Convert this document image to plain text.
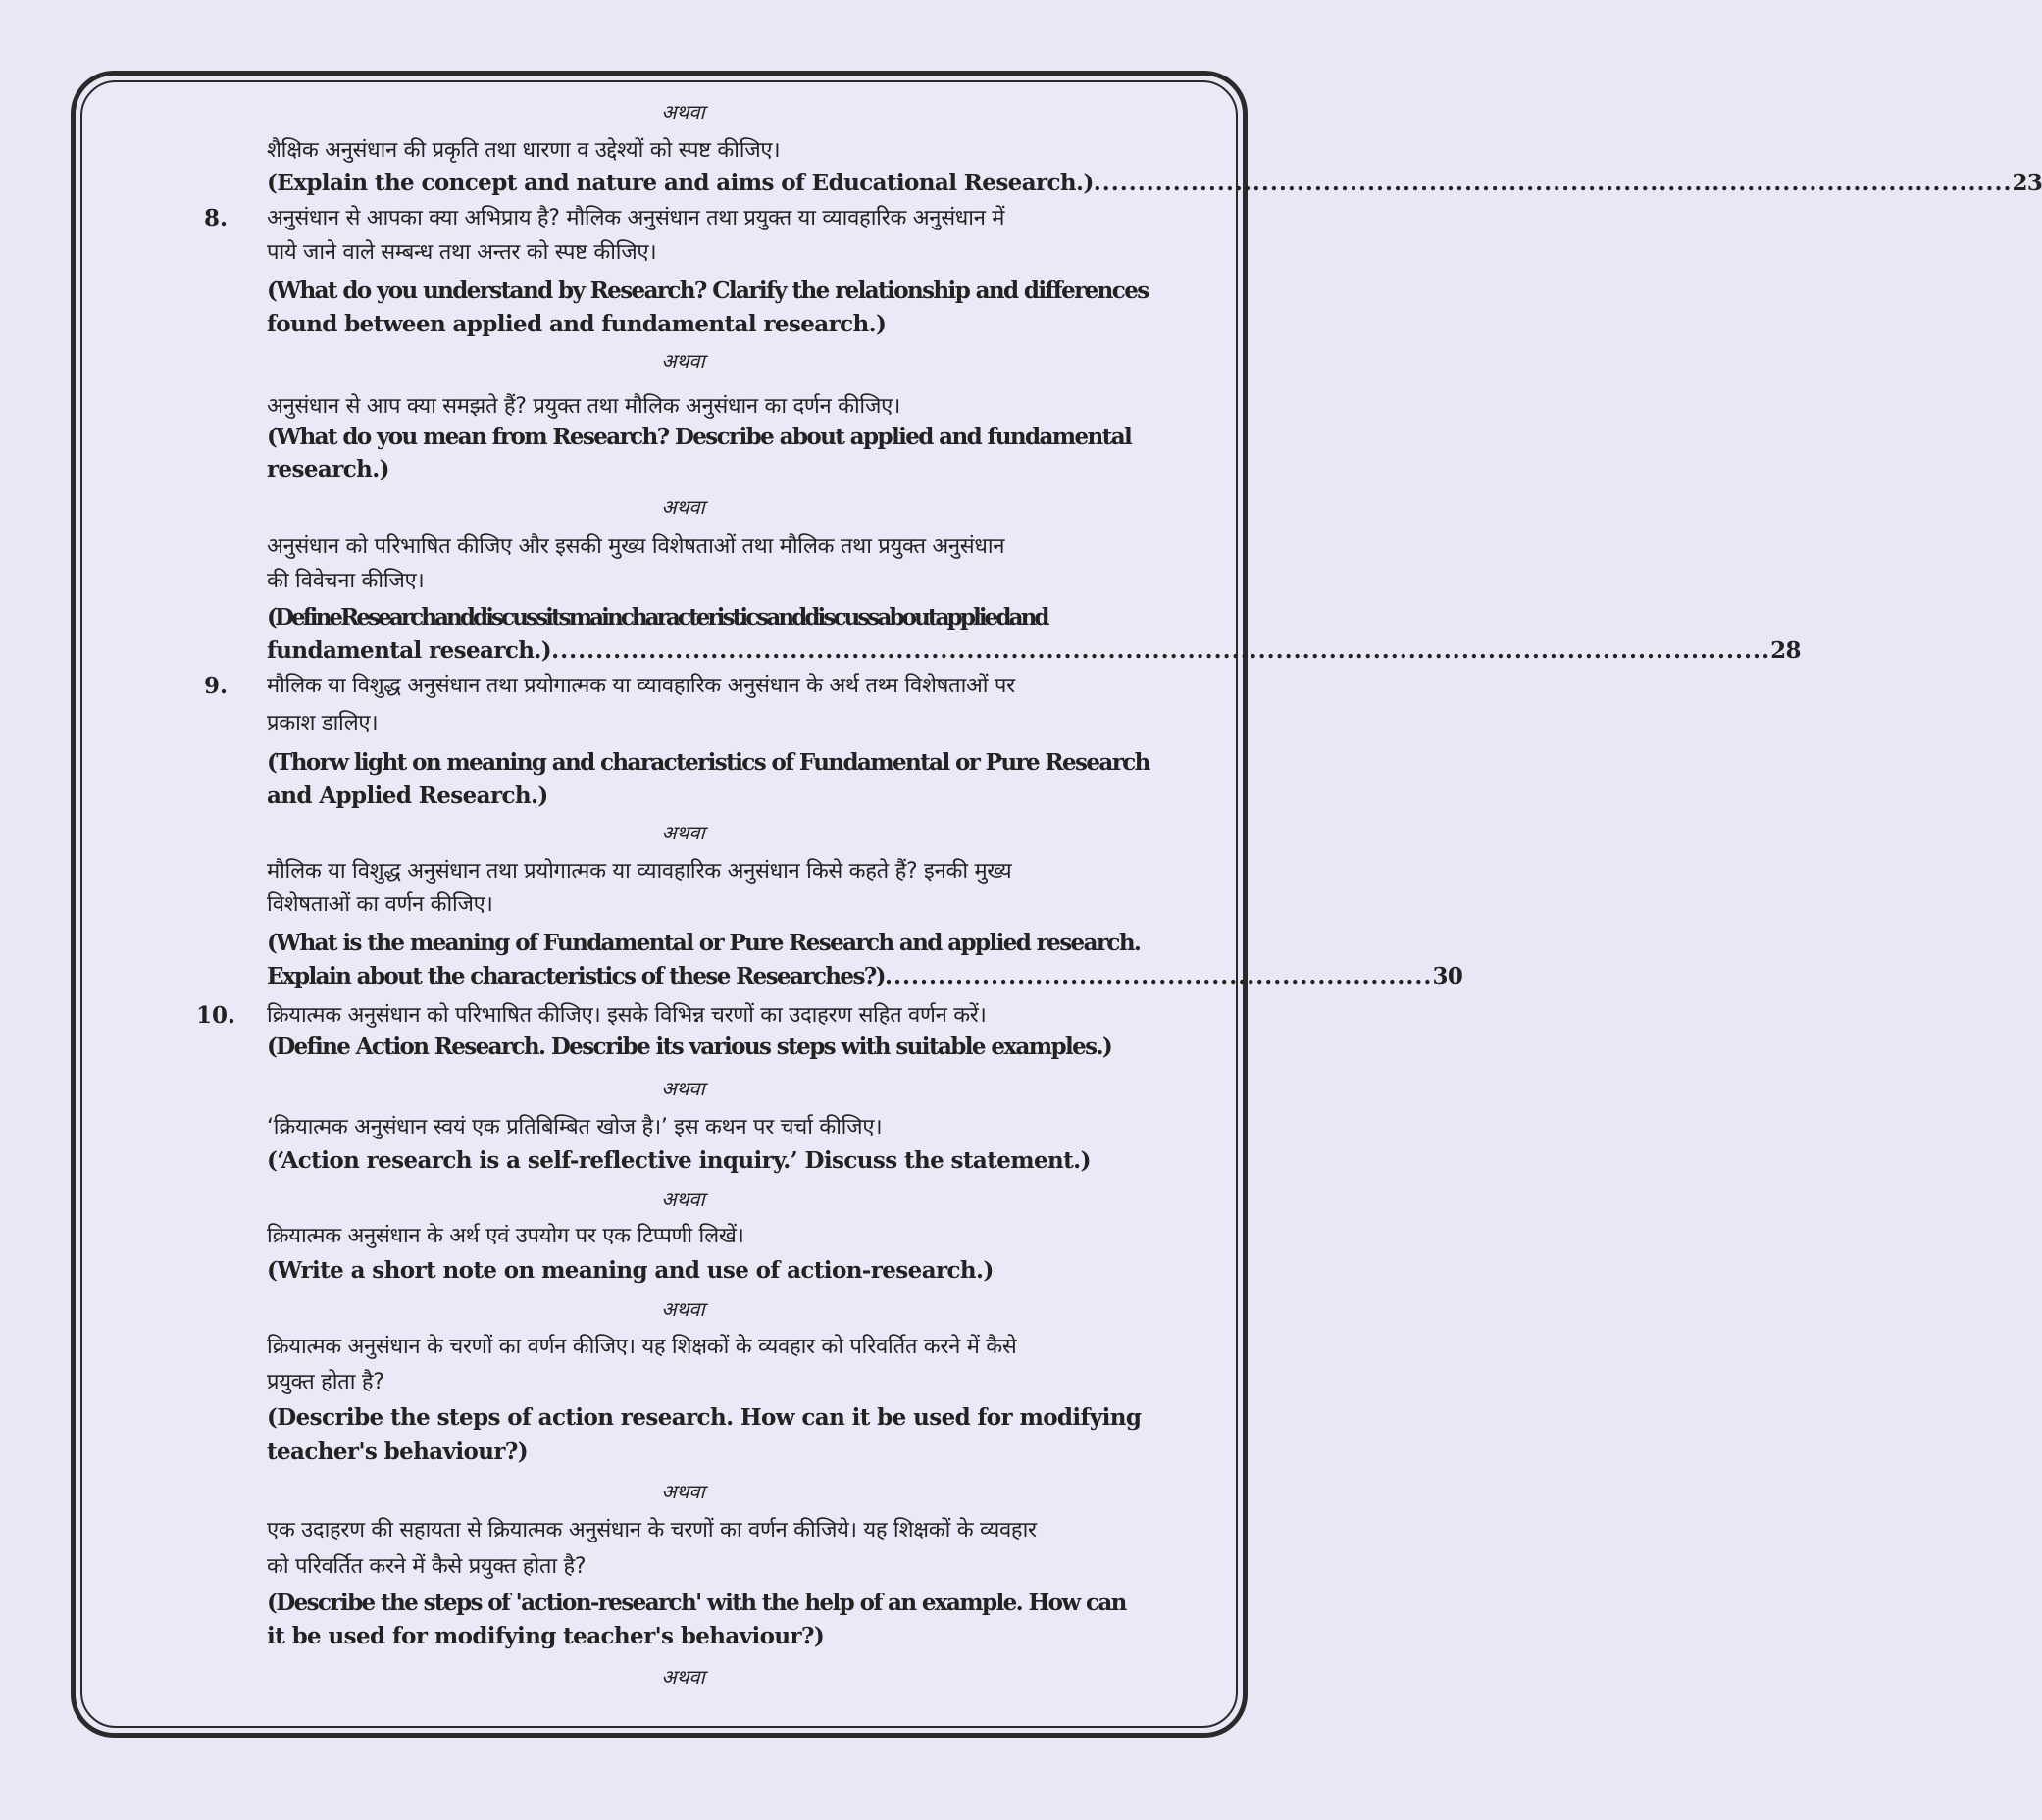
अथवा
शैक्षिक अनुसंधान की प्रकृति तथा धारणा व उद्देश्यों को स्पष्ट कीजिए।
(Explain the concept and nature and aims of Educational Research.) ........................................................................................................ 23
8. अनुसंधान से आपका क्या अभिप्राय है? मौलिक अनुसंधान तथा प्रयुक्त या व्यावहारिक अनुसंधान में
पाये जाने वाले सम्बन्ध तथा अन्तर को स्पष्ट कीजिए।
(What do you understand by Research? Clarify the relationship and differences
found between applied and fundamental research.)
अथवा
अनुसंधान से आप क्या समझते हैं? प्रयुक्त तथा मौलिक अनुसंधान का दर्णन कीजिए।
(What do you mean from Research? Describe about applied and fundamental
research.)
अथवा
अनुसंधान को परिभाषित कीजिए और इसकी मुख्य विशेषताओं तथा मौलिक तथा प्रयुक्त अनुसंधान
की विवेचना कीजिए।
(DefineResearchanddiscussitsmaincharacteristicsanddiscussaboutappliedand
fundamental research.) .......................................................................................................................................... 28
9. मौलिक या विशुद्ध अनुसंधान तथा प्रयोगात्मक या व्यावहारिक अनुसंधान के अर्थ तथ्म विशेषताओं पर
प्रकाश डालिए।
(Thorw light on meaning and characteristics of Fundamental or Pure Research
and Applied Research.)
अथवा
मौलिक या विशुद्ध अनुसंधान तथा प्रयोगात्मक या व्यावहारिक अनुसंधान किसे कहते हैं? इनकी मुख्य
विशेषताओं का वर्णन कीजिए।
(What is the meaning of Fundamental or Pure Research and applied research.
Explain about the characteristics of these Researches?) .............................................................. 30
10. क्रियात्मक अनुसंधान को परिभाषित कीजिए। इसके विभिन्न चरणों का उदाहरण सहित वर्णन करें।
(Define Action Research. Describe its various steps with suitable examples.)
अथवा
‘क्रियात्मक अनुसंधान स्वयं एक प्रतिबिम्बित खोज है।’ इस कथन पर चर्चा कीजिए।
(‘Action research is a self-reflective inquiry.’ Discuss the statement.)
अथवा
क्रियात्मक अनुसंधान के अर्थ एवं उपयोग पर एक टिप्पणी लिखें।
(Write a short note on meaning and use of action-research.)
अथवा
क्रियात्मक अनुसंधान के चरणों का वर्णन कीजिए। यह शिक्षकों के व्यवहार को परिवर्तित करने में कैसे
प्रयुक्त होता है?
(Describe the steps of action research. How can it be used for modifying
teacher's behaviour?)
अथवा
एक उदाहरण की सहायता से क्रियात्मक अनुसंधान के चरणों का वर्णन कीजिये। यह शिक्षकों के व्यवहार
को परिवर्तित करने में कैसे प्रयुक्त होता है?
(Describe the steps of 'action-research' with the help of an example. How can
it be used for modifying teacher's behaviour?)
अथवा
